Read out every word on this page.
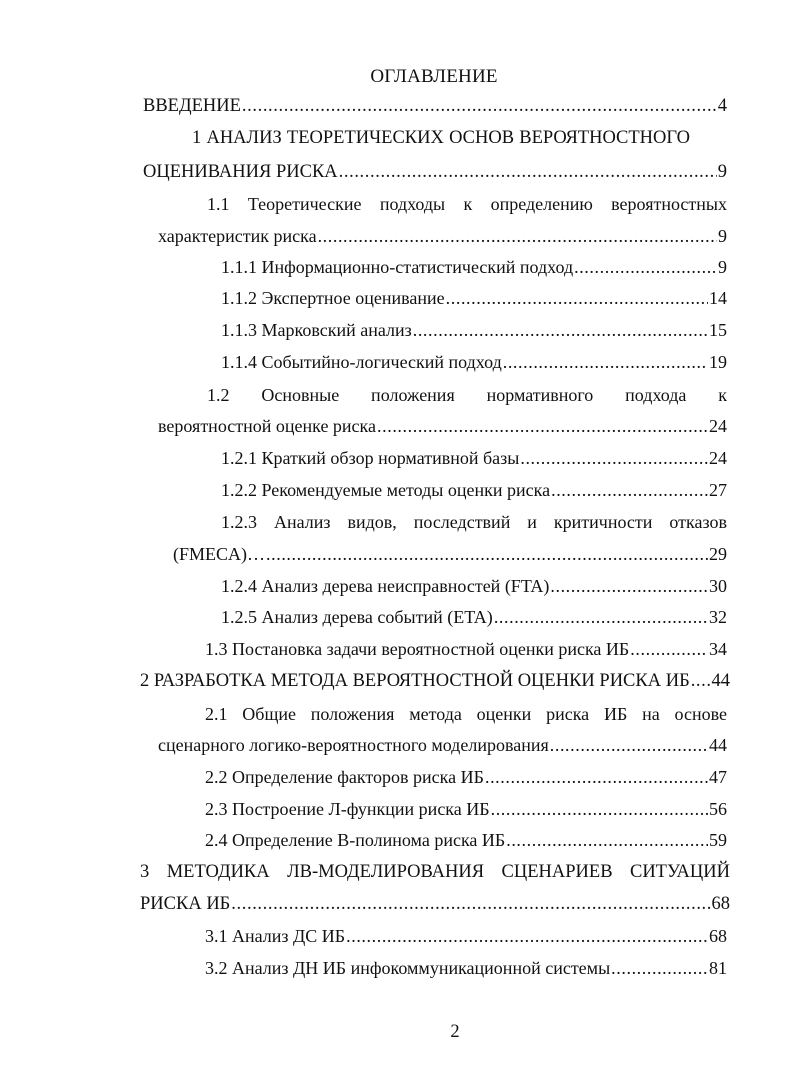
ОГЛАВЛЕНИЕ
ВВЕДЕНИЕ .....	4
1 АНАЛИЗ ТЕОРЕТИЧЕСКИХ ОСНОВ ВЕРОЯТНОСТНОГО
ОЦЕНИВАНИЯ РИСКА .....	9
1.1 Теоретические подходы к определению вероятностных
характеристик риска .....	9
1.1.1 Информационно-статистический подход .....	9
1.1.2 Экспертное оценивание .....	14
1.1.3 Марковский анализ .....	15
1.1.4 Событийно-логический подход .....	19
1.2 Основные положения нормативного подхода к
вероятностной оценке риска .....	24
1.2.1 Краткий обзор нормативной базы .....	24
1.2.2 Рекомендуемые методы оценки риска .....	27
1.2.3 Анализ видов, последствий и критичности отказов
(FMECA)… .....	29
1.2.4 Анализ дерева неисправностей (FTA) .....	30
1.2.5 Анализ дерева событий (ETA) .....	32
1.3 Постановка задачи вероятностной оценки риска ИБ .....	34
2 РАЗРАБОТКА МЕТОДА ВЕРОЯТНОСТНОЙ ОЦЕНКИ РИСКА ИБ ..... 44
2.1 Общие положения метода оценки риска ИБ на основе
сценарного логико-вероятностного моделирования .....	44
2.2 Определение факторов риска ИБ .....	47
2.3 Построение Л-функции риска ИБ .....	56
2.4 Определение В-полинома риска ИБ .....	59
3 МЕТОДИКА ЛВ-МОДЕЛИРОВАНИЯ СЦЕНАРИЕВ СИТУАЦИЙ
РИСКА ИБ .....	68
3.1 Анализ ДС ИБ .....	68
3.2 Анализ ДН ИБ инфокоммуникационной системы .....	81
2
